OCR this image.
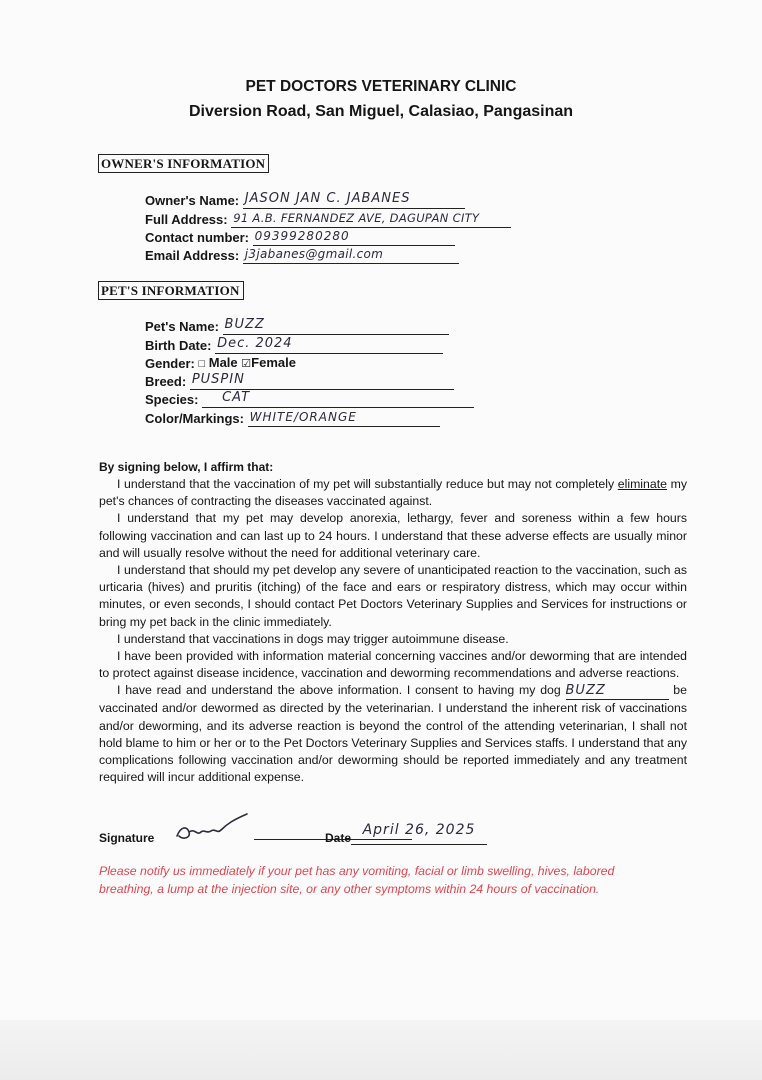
PET DOCTORS VETERINARY CLINIC
Diversion Road, San Miguel, Calasiao, Pangasinan
OWNER'S INFORMATION
Owner's Name: JASON JAN C. JABANES
Full Address: 91 A.B. FERNANDEZ AVE, DAGUPAN CITY
Contact number: 09399280280
Email Address: j3jabanes@gmail.com
PET'S INFORMATION
Pet's Name: BUZZ
Birth Date: Dec. 2024
Gender: □ Male ☑Female
Breed: PUSPIN
Species: CAT
Color/Markings: WHITE/ORANGE
By signing below, I affirm that:

I understand that the vaccination of my pet will substantially reduce but may not completely eliminate my pet's chances of contracting the diseases vaccinated against.

I understand that my pet may develop anorexia, lethargy, fever and soreness within a few hours following vaccination and can last up to 24 hours. I understand that these adverse effects are usually minor and will usually resolve without the need for additional veterinary care.

I understand that should my pet develop any severe of unanticipated reaction to the vaccination, such as urticaria (hives) and pruritis (itching) of the face and ears or respiratory distress, which may occur within minutes, or even seconds, I should contact Pet Doctors Veterinary Supplies and Services for instructions or bring my pet back in the clinic immediately.

I understand that vaccinations in dogs may trigger autoimmune disease.

I have been provided with information material concerning vaccines and/or deworming that are intended to protect against disease incidence, vaccination and deworming recommendations and adverse reactions.

I have read and understand the above information. I consent to having my dog BUZZ	be vaccinated and/or dewormed as directed by the veterinarian. I understand the inherent risk of vaccinations and/or deworming, and its adverse reaction is beyond the control of the attending veterinarian, I shall not hold blame to him or her or to the Pet Doctors Veterinary Supplies and Services staffs. I understand that any complications following vaccination and/or deworming should be reported immediately and any treatment required will incur additional expense.

Signature	Date April 26, 2025
Please notify us immediately if your pet has any vomiting, facial or limb swelling, hives, labored breathing, a lump at the injection site, or any other symptoms within 24 hours of vaccination.
